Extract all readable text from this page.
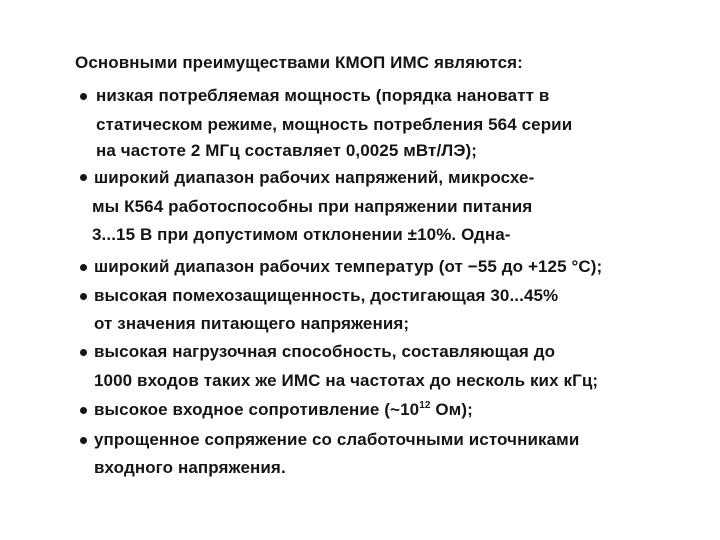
Основными преимуществами КМОП ИМС являются:
низкая потребляемая мощность (порядка нановатт в
статическом режиме, мощность потребления 564 серии
на частоте 2 МГц составляет 0,0025 мВт/ЛЭ);
широкий диапазон рабочих напряжений, микросхе-
мы К564 работоспособны при напряжении питания
3...15 В при допустимом отклонении ±10%. Одна-
широкий диапазон рабочих температур (от −55 до +125 °С);
высокая помехозащищенность, достигающая 30...45%
от значения питающего напряжения;
высокая нагрузочная способность, составляющая до
1000 входов таких же ИМС на частотах до несколь ких кГц;
высокое входное сопротивление ($\sim 10^{12}$ Ом);
упрощенное сопряжение со слаботочными источниками
входного напряжения.
